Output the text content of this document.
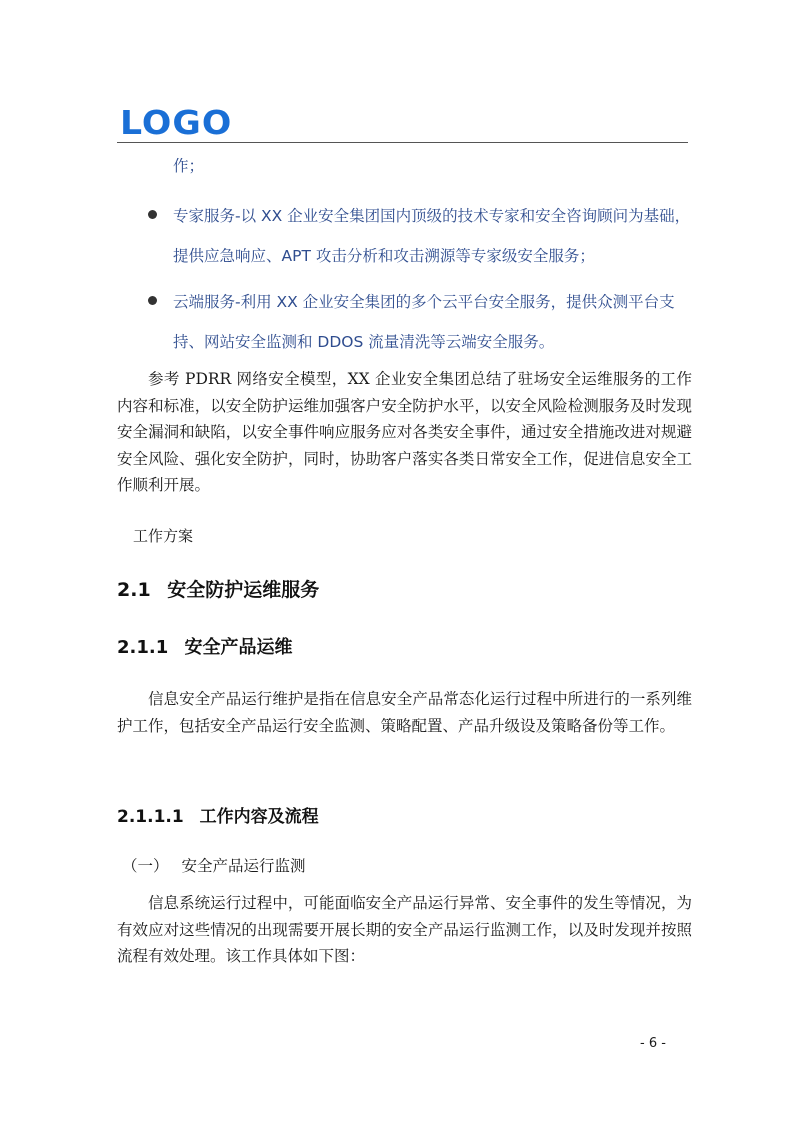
LOGO
作；
专家服务-以 XX 企业安全集团国内顶级的技术专家和安全咨询顾问为基础，提供应急响应、APT 攻击分析和攻击溯源等专家级安全服务；
云端服务-利用 XX 企业安全集团的多个云平台安全服务，提供众测平台支持、网站安全监测和 DDOS 流量清洗等云端安全服务。
参考 PDRR 网络安全模型，XX 企业安全集团总结了驻场安全运维服务的工作内容和标准，以安全防护运维加强客户安全防护水平，以安全风险检测服务及时发现安全漏洞和缺陷，以安全事件响应服务应对各类安全事件，通过安全措施改进对规避安全风险、强化安全防护，同时，协助客户落实各类日常安全工作，促进信息安全工作顺利开展。
工作方案
2.1 安全防护运维服务
2.1.1 安全产品运维
信息安全产品运行维护是指在信息安全产品常态化运行过程中所进行的一系列维护工作，包括安全产品运行安全监测、策略配置、产品升级设及策略备份等工作。
2.1.1.1 工作内容及流程
（一） 安全产品运行监测
信息系统运行过程中，可能面临安全产品运行异常、安全事件的发生等情况，为有效应对这些情况的出现需要开展长期的安全产品运行监测工作，以及时发现并按照流程有效处理。该工作具体如下图：
- 6 -
